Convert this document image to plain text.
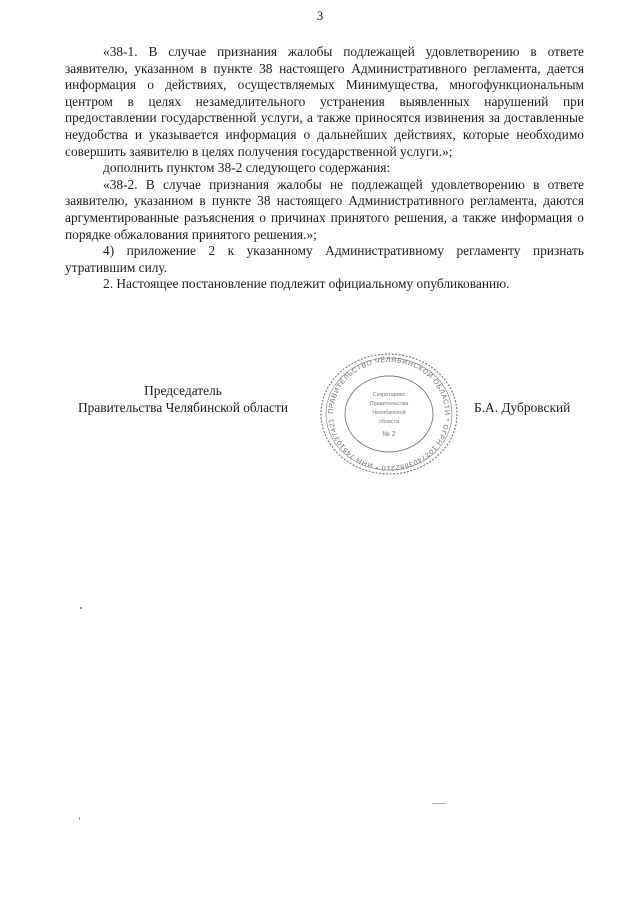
3

«38-1. В случае признания жалобы подлежащей удовлетворению в ответе заявителю, указанном в пункте 38 настоящего Административного регламента, дается информация о действиях, осуществляемых Минимущества, многофункциональным центром в целях незамедлительного устранения выявленных нарушений при предоставлении государственной услуги, а также приносятся извинения за доставленные неудобства и указывается информация о дальнейших действиях, которые необходимо совершить заявителю в целях получения государственной услуги.»;

дополнить пунктом 38-2 следующего содержания:

«38-2. В случае признания жалобы не подлежащей удовлетворению в ответе заявителю, указанном в пункте 38 настоящего Административного регламента, даются аргументированные разъяснения о причинах принятого решения, а также информация о порядке обжалования принятого решения.»;

4) приложение 2 к указанному Административному регламенту признать утратившим силу.

2. Настоящее постановление подлежит официальному опубликованию.

Председатель
Правительства Челябинской области	ПРАВИТЕЛЬСТВО ЧЕЛЯБИНСКОЙ ОБЛАСТИ * ОГРН 1027403882210 * ИНН 7451037421
Секретариат
Правительства
Челябинской
области
№ 2
Б.А. Дубровский
